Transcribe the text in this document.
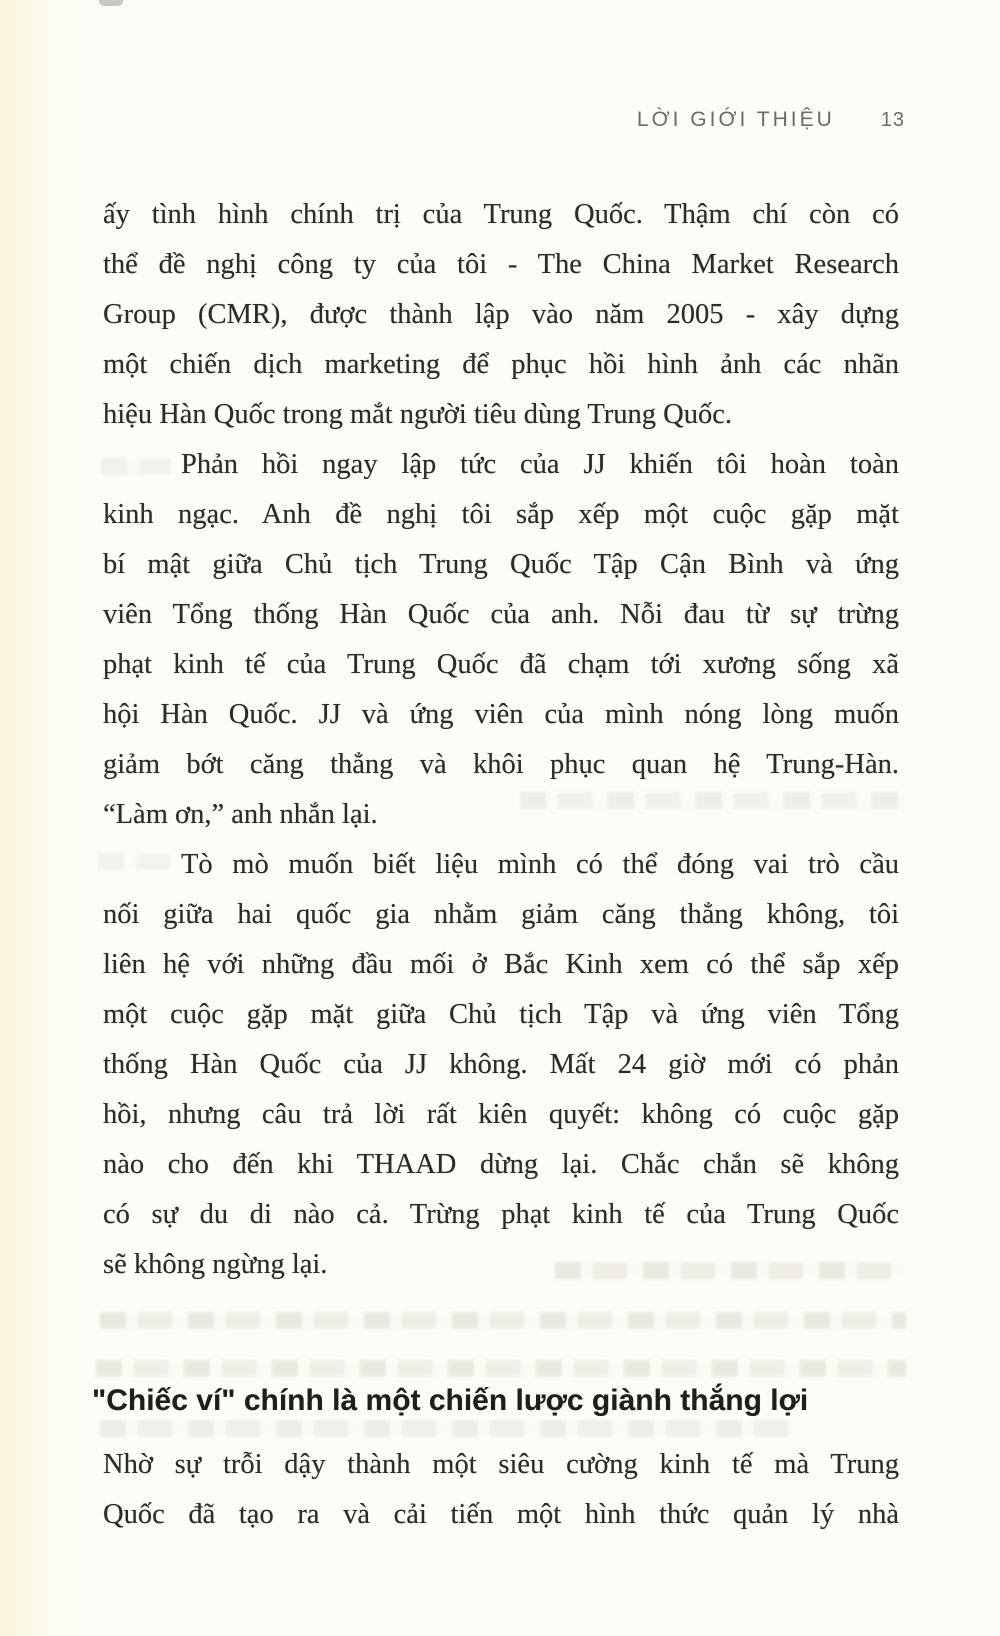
LỜI GIỚI THIỆU 13
ấy tình hình chính trị của Trung Quốc. Thậm chí còn có
thể đề nghị công ty của tôi - The China Market Research
Group (CMR), được thành lập vào năm 2005 - xây dựng
một chiến dịch marketing để phục hồi hình ảnh các nhãn
hiệu Hàn Quốc trong mắt người tiêu dùng Trung Quốc.
Phản hồi ngay lập tức của JJ khiến tôi hoàn toàn
kinh ngạc. Anh đề nghị tôi sắp xếp một cuộc gặp mặt
bí mật giữa Chủ tịch Trung Quốc Tập Cận Bình và ứng
viên Tổng thống Hàn Quốc của anh. Nỗi đau từ sự trừng
phạt kinh tế của Trung Quốc đã chạm tới xương sống xã
hội Hàn Quốc. JJ và ứng viên của mình nóng lòng muốn
giảm bớt căng thẳng và khôi phục quan hệ Trung-Hàn.
“Làm ơn,” anh nhắn lại.
Tò mò muốn biết liệu mình có thể đóng vai trò cầu
nối giữa hai quốc gia nhằm giảm căng thẳng không, tôi
liên hệ với những đầu mối ở Bắc Kinh xem có thể sắp xếp
một cuộc gặp mặt giữa Chủ tịch Tập và ứng viên Tổng
thống Hàn Quốc của JJ không. Mất 24 giờ mới có phản
hồi, nhưng câu trả lời rất kiên quyết: không có cuộc gặp
nào cho đến khi THAAD dừng lại. Chắc chắn sẽ không
có sự du di nào cả. Trừng phạt kinh tế của Trung Quốc
sẽ không ngừng lại.
"Chiếc ví" chính là một chiến lược giành thắng lợi
Nhờ sự trỗi dậy thành một siêu cường kinh tế mà Trung
Quốc đã tạo ra và cải tiến một hình thức quản lý nhà
